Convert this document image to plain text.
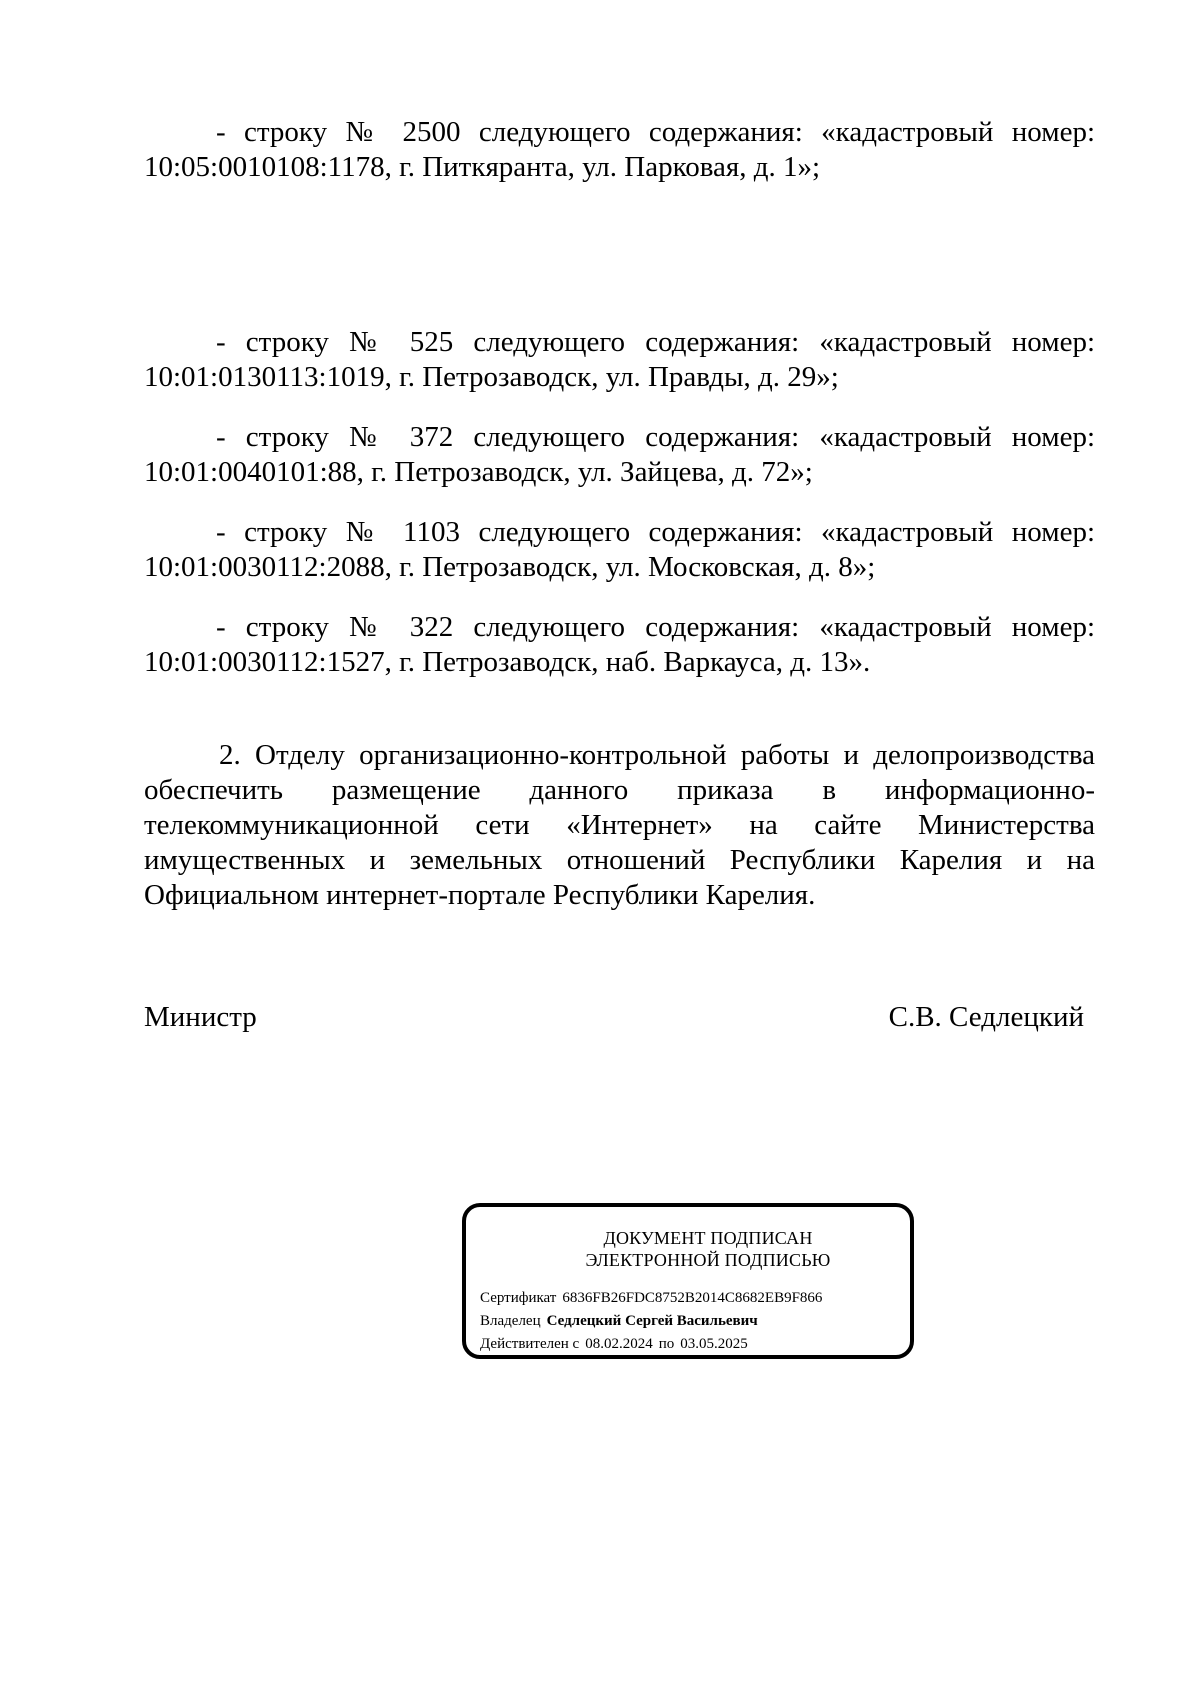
- строку № 2500 следующего содержания: «кадастровый номер:
10:05:0010108:1178, г. Питкяранта, ул. Парковая, д. 1»;
- строку № 525 следующего содержания: «кадастровый номер:
10:01:0130113:1019, г. Петрозаводск, ул. Правды, д. 29»;
- строку № 372 следующего содержания: «кадастровый номер:
10:01:0040101:88, г. Петрозаводск, ул. Зайцева, д. 72»;
- строку № 1103 следующего содержания: «кадастровый номер:
10:01:0030112:2088, г. Петрозаводск, ул. Московская, д. 8»;
- строку № 322 следующего содержания: «кадастровый номер:
10:01:0030112:1527, г. Петрозаводск, наб. Варкауса, д. 13».
2. Отделу организационно-контрольной работы и делопроизводства обеспечить размещение данного приказа в информационно-телекоммуникационной сети «Интернет» на сайте Министерства имущественных и земельных отношений Республики Карелия и на Официальном интернет-портале Республики Карелия.
Министр	С.В. Седлецкий
ДОКУМЕНТ ПОДПИСАН
ЭЛЕКТРОННОЙ ПОДПИСЬЮ
Сертификат 6836FB26FDC8752B2014C8682EB9F866
Владелец Седлецкий Сергей Васильевич
Действителен с 08.02.2024 по 03.05.2025
